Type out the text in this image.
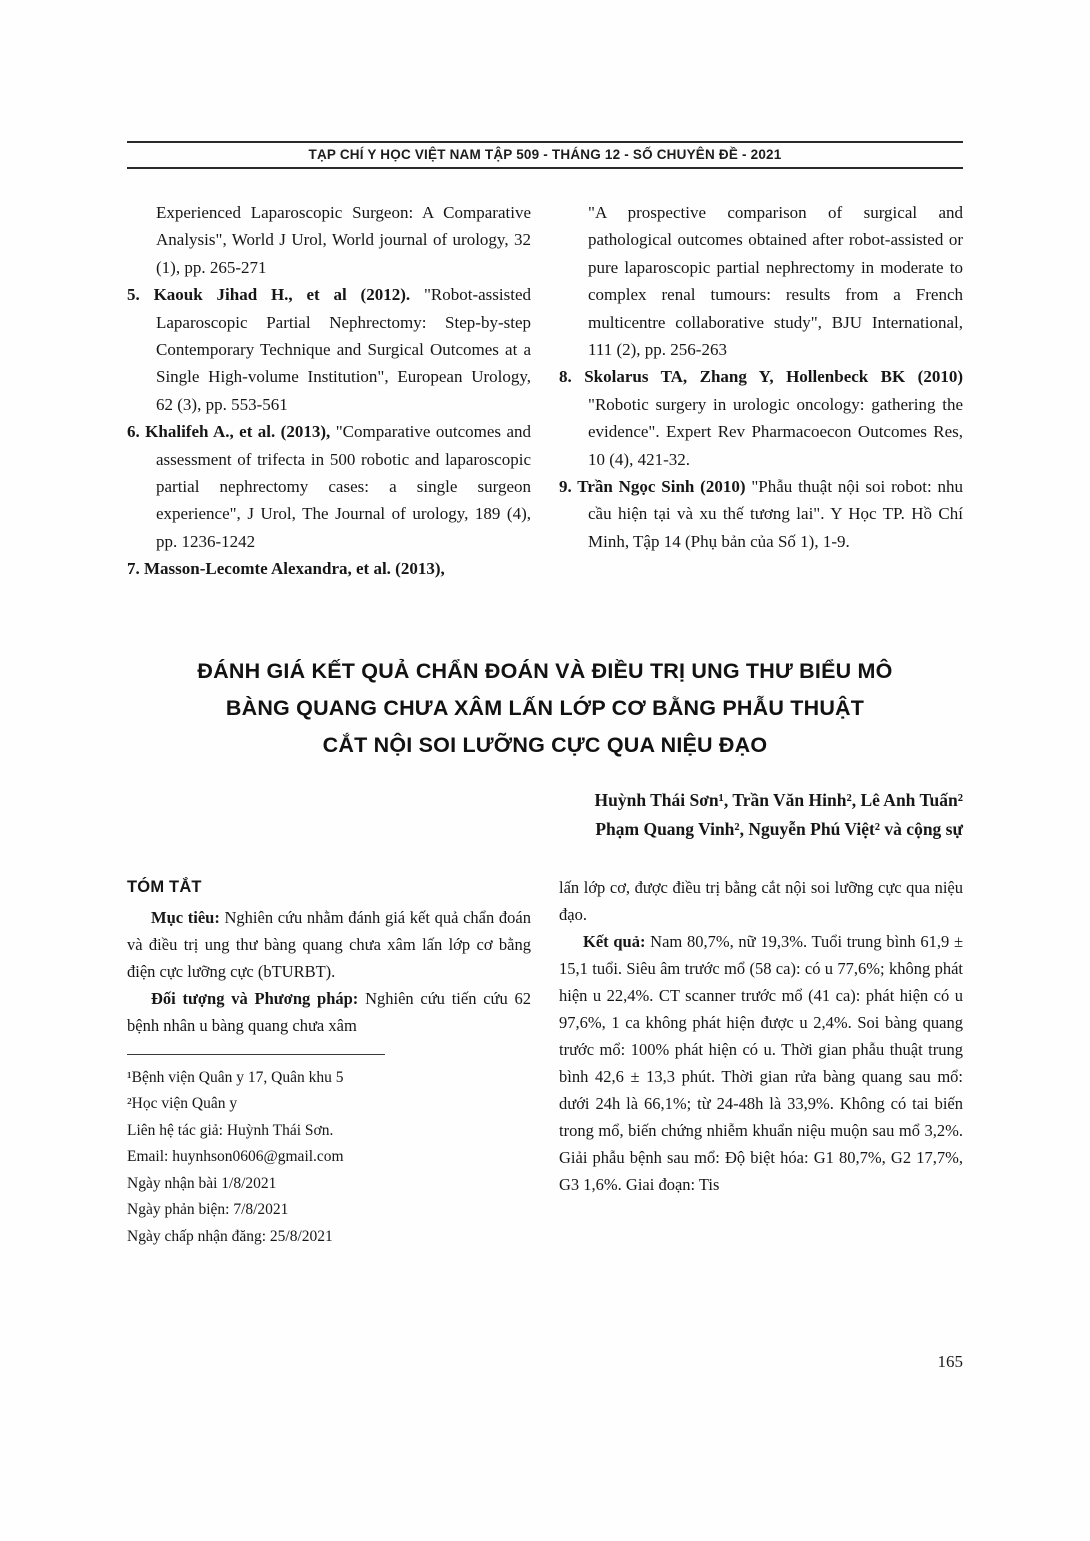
TẠP CHÍ Y HỌC VIỆT NAM TẬP 509 - THÁNG 12 - SỐ CHUYÊN ĐỀ - 2021

Experienced Laparoscopic Surgeon: A Comparative Analysis", World J Urol, World journal of urology, 32 (1), pp. 265-271

5. Kaouk Jihad H., et al (2012). "Robot-assisted Laparoscopic Partial Nephrectomy: Step-by-step Contemporary Technique and Surgical Outcomes at a Single High-volume Institution", European Urology, 62 (3), pp. 553-561

6. Khalifeh A., et al. (2013), "Comparative outcomes and assessment of trifecta in 500 robotic and laparoscopic partial nephrectomy cases: a single surgeon experience", J Urol, The Journal of urology, 189 (4), pp. 1236-1242

7. Masson-Lecomte Alexandra, et al. (2013),

"A prospective comparison of surgical and pathological outcomes obtained after robot-assisted or pure laparoscopic partial nephrectomy in moderate to complex renal tumours: results from a French multicentre collaborative study", BJU International, 111 (2), pp. 256-263

8. Skolarus TA, Zhang Y, Hollenbeck BK (2010) "Robotic surgery in urologic oncology: gathering the evidence". Expert Rev Pharmacoecon Outcomes Res, 10 (4), 421-32.

9. Trần Ngọc Sinh (2010) "Phẫu thuật nội soi robot: nhu cầu hiện tại và xu thế tương lai". Y Học TP. Hồ Chí Minh, Tập 14 (Phụ bản của Số 1), 1-9.

ĐÁNH GIÁ KẾT QUẢ CHẨN ĐOÁN VÀ ĐIỀU TRỊ UNG THƯ BIỂU MÔ
BÀNG QUANG CHƯA XÂM LẤN LỚP CƠ BẰNG PHẪU THUẬT
CẮT NỘI SOI LƯỠNG CỰC QUA NIỆU ĐẠO
Huỳnh Thái Sơn¹, Trần Văn Hinh², Lê Anh Tuấn²
Phạm Quang Vinh², Nguyễn Phú Việt² và cộng sự
TÓM TẮT

Mục tiêu: Nghiên cứu nhằm đánh giá kết quả chẩn đoán và điều trị ung thư bàng quang chưa xâm lấn lớp cơ bằng điện cực lưỡng cực (bTURBT).

Đối tượng và Phương pháp: Nghiên cứu tiến cứu 62 bệnh nhân u bàng quang chưa xâm

¹Bệnh viện Quân y 17, Quân khu 5
²Học viện Quân y
Liên hệ tác giả: Huỳnh Thái Sơn.
Email: huynhson0606@gmail.com
Ngày nhận bài 1/8/2021
Ngày phản biện: 7/8/2021
Ngày chấp nhận đăng: 25/8/2021

lấn lớp cơ, được điều trị bằng cắt nội soi lưỡng cực qua niệu đạo.

Kết quả: Nam 80,7%, nữ 19,3%. Tuổi trung bình 61,9 ± 15,1 tuổi. Siêu âm trước mổ (58 ca): có u 77,6%; không phát hiện u 22,4%. CT scanner trước mổ (41 ca): phát hiện có u 97,6%, 1 ca không phát hiện được u 2,4%. Soi bàng quang trước mổ: 100% phát hiện có u. Thời gian phẫu thuật trung bình 42,6 ± 13,3 phút. Thời gian rửa bàng quang sau mổ: dưới 24h là 66,1%; từ 24-48h là 33,9%. Không có tai biến trong mổ, biến chứng nhiễm khuẩn niệu muộn sau mổ 3,2%. Giải phẫu bệnh sau mổ: Độ biệt hóa: G1 80,7%, G2 17,7%, G3 1,6%. Giai đoạn: Tis

165
